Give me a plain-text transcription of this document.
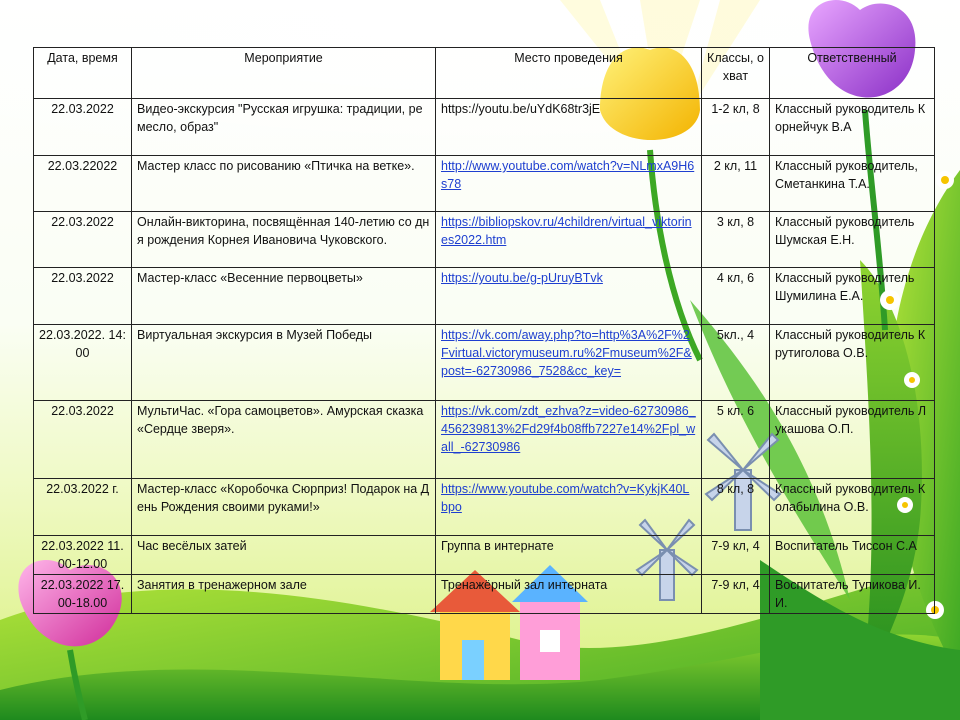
Дата, время	Мероприятие	Место проведения	Классы, охват	Ответственный
22.03.2022	Видео-экскурсия "Русская игрушка: традиции, ремесло, образ"	https://youtu.be/uYdK68tr3jE	1-2 кл, 8	Классный руководитель Корнейчук В.А
22.03.22022	Мастер класс по рисованию «Птичка на ветке».	http://www.youtube.com/watch?v=NLmxA9H6s78	2 кл, 11	Классный руководитель, Сметанкина Т.А.
22.03.2022	Онлайн-викторина, посвящённая 140-летию со дня рождения Корнея Ивановича Чуковского.	https://bibliopskov.ru/4children/virtual_viktorines2022.htm	3 кл, 8	Классный руководитель Шумская Е.Н.
22.03.2022	Мастер-класс «Весенние первоцветы»	https://youtu.be/g-pUruyBTvk	4 кл, 6	Классный руководитель Шумилина Е.А.
22.03.2022. 14:00	Виртуальная экскурсия в Музей Победы	https://vk.com/away.php?to=http%3A%2F%2Fvirtual.victorymuseum.ru%2Fmuseum%2F&post=-62730986_7528&cc_key=	5кл., 4	Классный руководитель Крутиголова О.В.
22.03.2022	МультиЧас. «Гора самоцветов». Амурская сказка «Сердце зверя».	https://vk.com/zdt_ezhva?z=video-62730986_456239813%2Fd29f4b08ffb7227e14%2Fpl_wall_-62730986	5 кл. 6	Классный руководитель Лукашова О.П.
22.03.2022 г.	Мастер-класс «Коробочка Сюрприз! Подарок на День Рождения своими руками!»	https://www.youtube.com/watch?v=KykjK40Lbpo	8 кл, 8	Классный руководитель Колабылина О.В.
22.03.2022 11.00-12.00	Час весёлых затей	Группа в интернате	7-9 кл, 4	Воспитатель Тиссон С.А
22.03.2022 17.00-18.00	Занятия в тренажерном зале	Тренажёрный зал интерната	7-9 кл, 4	Воспитатель Тупикова И.И.
